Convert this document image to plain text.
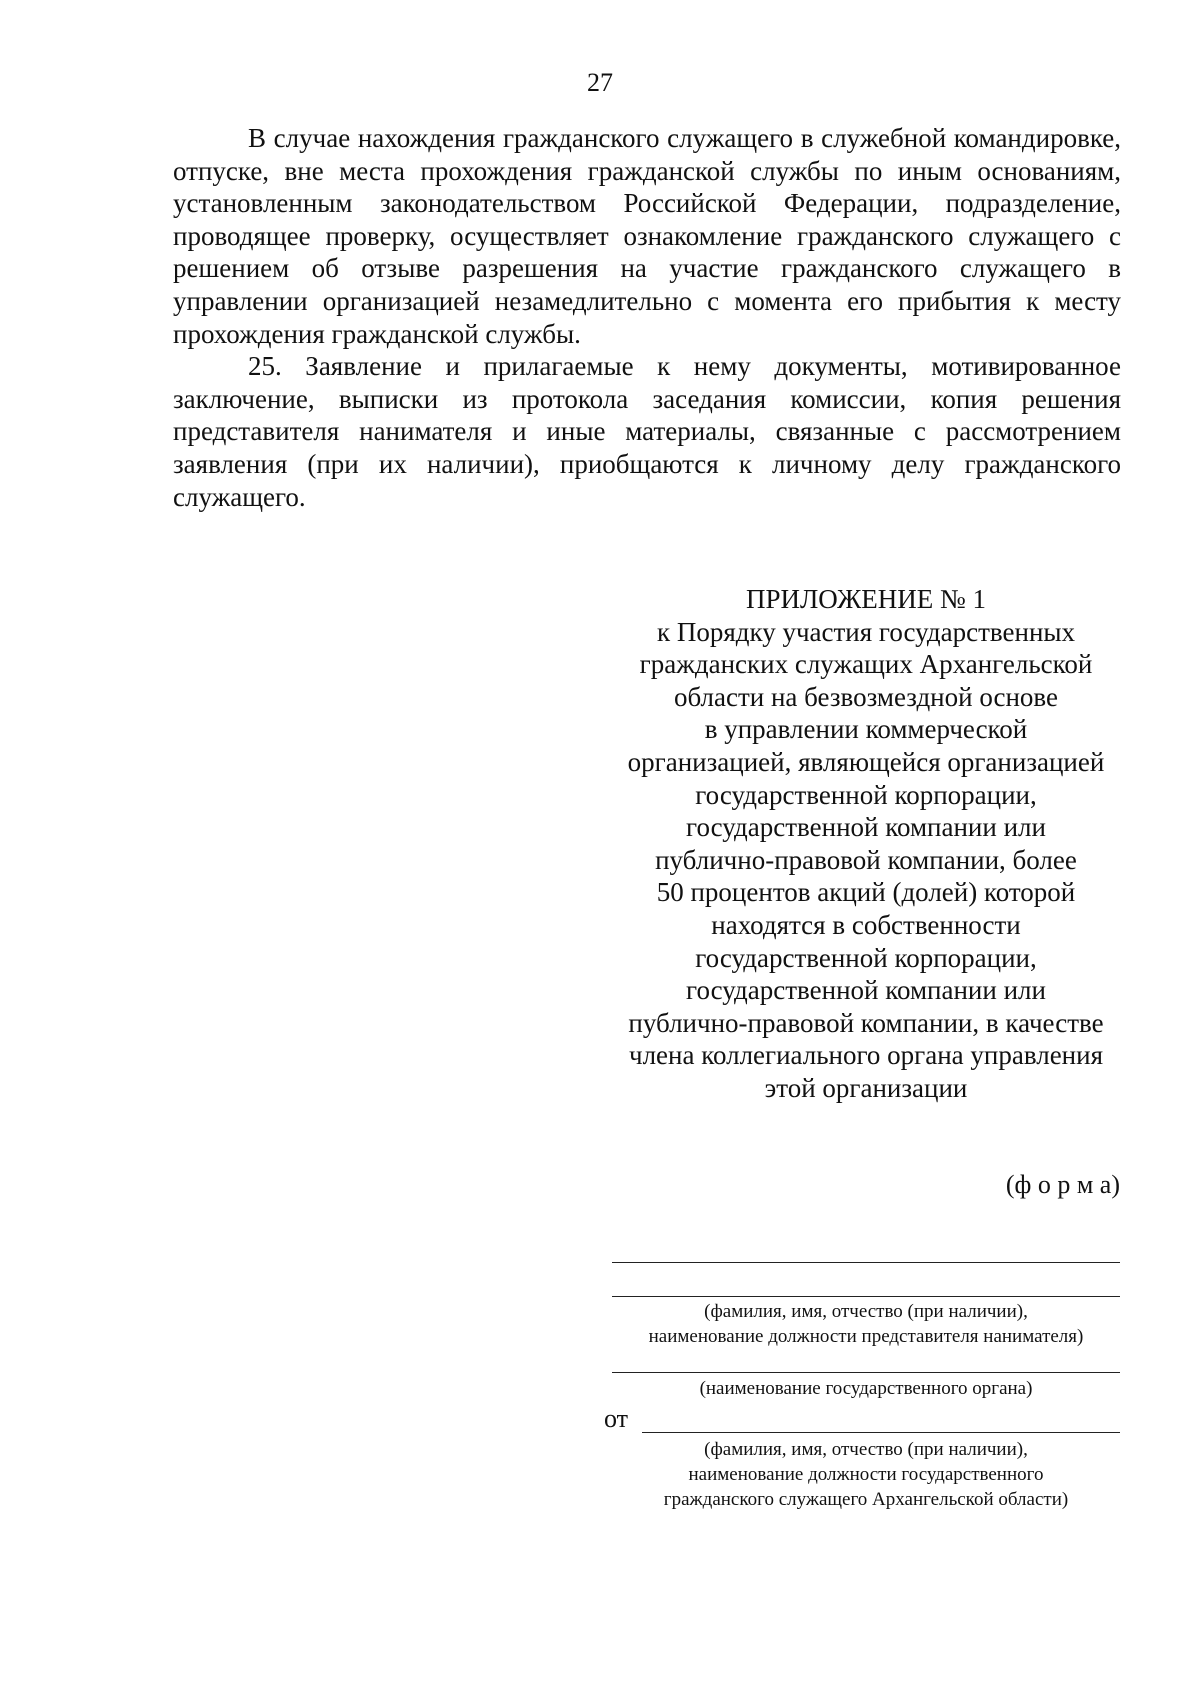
27

В случае нахождения гражданского служащего в служебной командировке, отпуске, вне места прохождения гражданской службы по иным основаниям, установленным законодательством Российской Федерации, подразделение, проводящее проверку, осуществляет ознакомление гражданского служащего с решением об отзыве разрешения на участие гражданского служащего в управлении организацией незамедлительно с момента его прибытия к месту прохождения гражданской службы.

25. Заявление и прилагаемые к нему документы, мотивированное заключение, выписки из протокола заседания комиссии, копия решения представителя нанимателя и иные материалы, связанные с рассмотрением заявления (при их наличии), приобщаются к личному делу гражданского служащего.

ПРИЛОЖЕНИЕ № 1

к Порядку участия государственных
гражданских служащих Архангельской
области на безвозмездной основе
в управлении коммерческой
организацией, являющейся организацией
государственной корпорации,
государственной компании или
публично-правовой компании, более
50 процентов акций (долей) которой
находятся в собственности
государственной корпорации,
государственной компании или
публично-правовой компании, в качестве
члена коллегиального органа управления
этой организации

(ф о р м а)
(фамилия, имя, отчество (при наличии),
наименование должности представителя нанимателя)
(наименование государственного органа)
от
(фамилия, имя, отчество (при наличии),
наименование должности государственного
гражданского служащего Архангельской области)
